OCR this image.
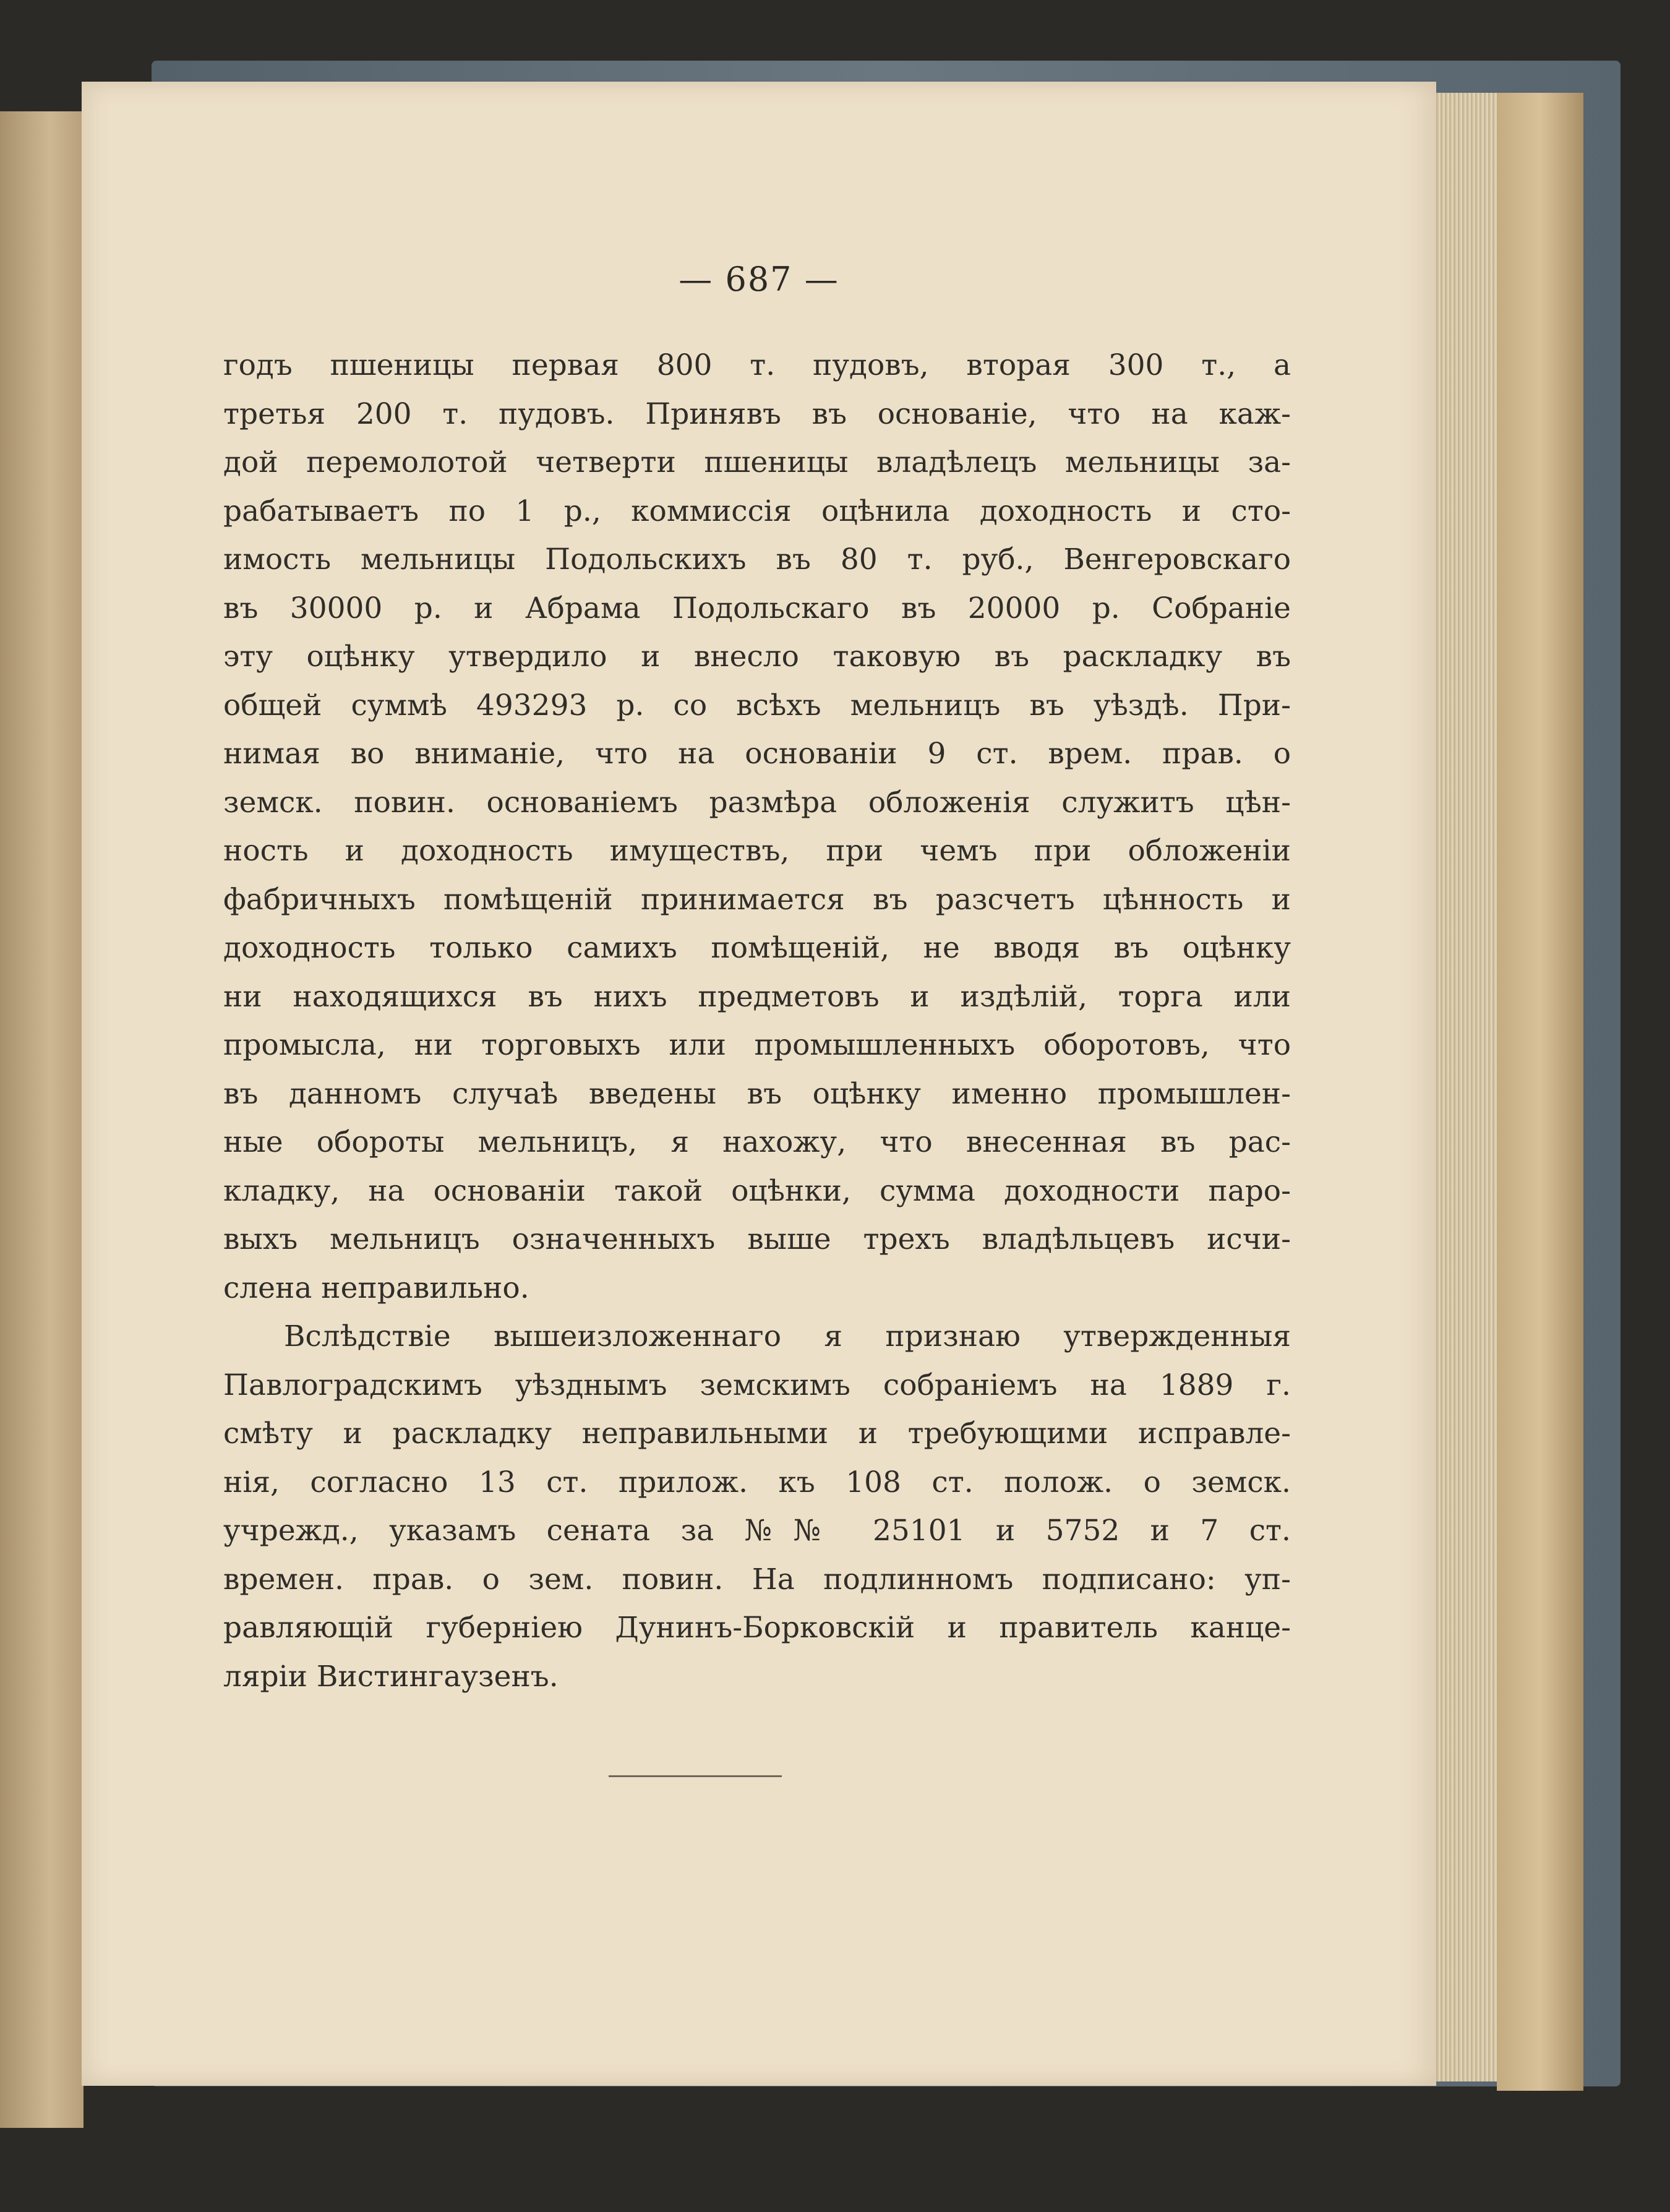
— 687 —
годъ пшеницы первая 800 т. пудовъ, вторая 300 т., а
третья 200 т. пудовъ. Принявъ въ основаніе, что на каж-
дой перемолотой четверти пшеницы владѣлецъ мельницы за-
рабатываетъ по 1 р., коммиссія оцѣнила доходность и сто-
имость мельницы Подольскихъ въ 80 т. руб., Венгеровскаго
въ 30000 р. и Абрама Подольскаго въ 20000 р. Собраніе
эту оцѣнку утвердило и внесло таковую въ раскладку въ
общей суммѣ 493293 р. со всѣхъ мельницъ въ уѣздѣ. При-
нимая во вниманіе, что на основаніи 9 ст. врем. прав. о
земск. повин. основаніемъ размѣра обложенія служитъ цѣн-
ность и доходность имуществъ, при чемъ при обложеніи
фабричныхъ помѣщеній принимается въ разсчетъ цѣнность и
доходность только самихъ помѣщеній, не вводя въ оцѣнку
ни находящихся въ нихъ предметовъ и издѣлій, торга или
промысла, ни торговыхъ или промышленныхъ оборотовъ, что
въ данномъ случаѣ введены въ оцѣнку именно промышлен-
ные обороты мельницъ, я нахожу, что внесенная въ рас-
кладку, на основаніи такой оцѣнки, сумма доходности паро-
выхъ мельницъ означенныхъ выше трехъ владѣльцевъ исчи-
слена неправильно.
Вслѣдствіе вышеизложеннаго я признаю утвержденныя
Павлоградскимъ уѣзднымъ земскимъ собраніемъ на 1889 г.
смѣту и раскладку неправильными и требующими исправле-
нія, согласно 13 ст. прилож. къ 108 ст. полож. о земск.
учрежд., указамъ сената за №№ 25101 и 5752 и 7 ст.
времен. прав. о зем. повин. На подлинномъ подписано: уп-
равляющій губерніею Дунинъ-Борковскій и правитель канце-
ляріи Вистингаузенъ.
